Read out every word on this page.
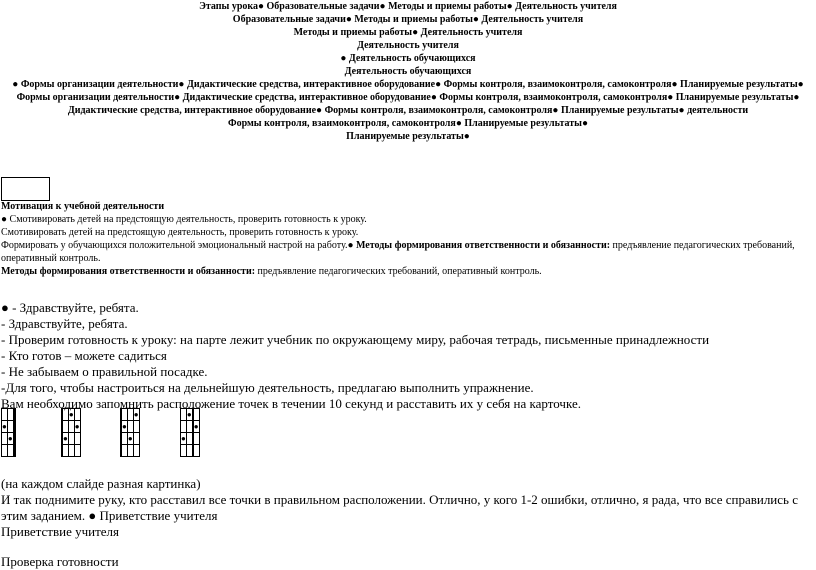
Этапы урока● Образовательные задачи● Методы и приемы работы● Деятельность учителя
Образовательные задачи● Методы и приемы работы● Деятельность учителя
Методы и приемы работы● Деятельность учителя
Деятельность учителя
● Деятельность обучающихся
Деятельность обучающихся
● Формы организации деятельности● Дидактические средства, интерактивное оборудование● Формы контроля, взаимоконтроля, самоконтроля● Планируемые результаты●
Формы организации деятельности● Дидактические средства, интерактивное оборудование● Формы контроля, взаимоконтроля, самоконтроля● Планируемые результаты●
Дидактические средства, интерактивное оборудование● Формы контроля, взаимоконтроля, самоконтроля● Планируемые результаты● деятельности
Формы контроля, взаимоконтроля, самоконтроля● Планируемые результаты●
Планируемые результаты●

Мотивация к учебной деятельности

● Смотивировать детей на предстоящую деятельность, проверить готовность к уроку.

Смотивировать детей на предстоящую деятельность, проверить готовность к уроку.

Формировать у обучающихся положительной эмоциональный настрой на работу.● Методы формирования ответственности и обязанности: предъявление педагогических требований, оперативный контроль.

Методы формирования ответственности и обязанности: предъявление педагогических требований, оперативный контроль.

● - Здравствуйте, ребята.

- Здравствуйте, ребята.

- Проверим готовность к уроку: на парте лежит учебник по окружающему миру, рабочая тетрадь, письменные принадлежности

- Кто готов – можете садиться

- Не забываем о правильной посадке.

-Для того, чтобы настроиться на дельнейшую деятельность, предлагаю выполнить упражнение.

Вам необходимо запомнить расположение точек в течении 10 секунд и расставить их у себя на карточке.

(на каждом слайде разная картинка)

И так поднимите руку, кто расставил все точки в правильном расположении. Отлично, у кого 1-2 ошибки, отлично, я рада, что все справились с этим заданием. ● Приветствие учителя

Приветствие учителя

Проверка готовности

●			
	●		

		●	
			●
	●		

			●
	●		
		●	

	●		
			●
●			
